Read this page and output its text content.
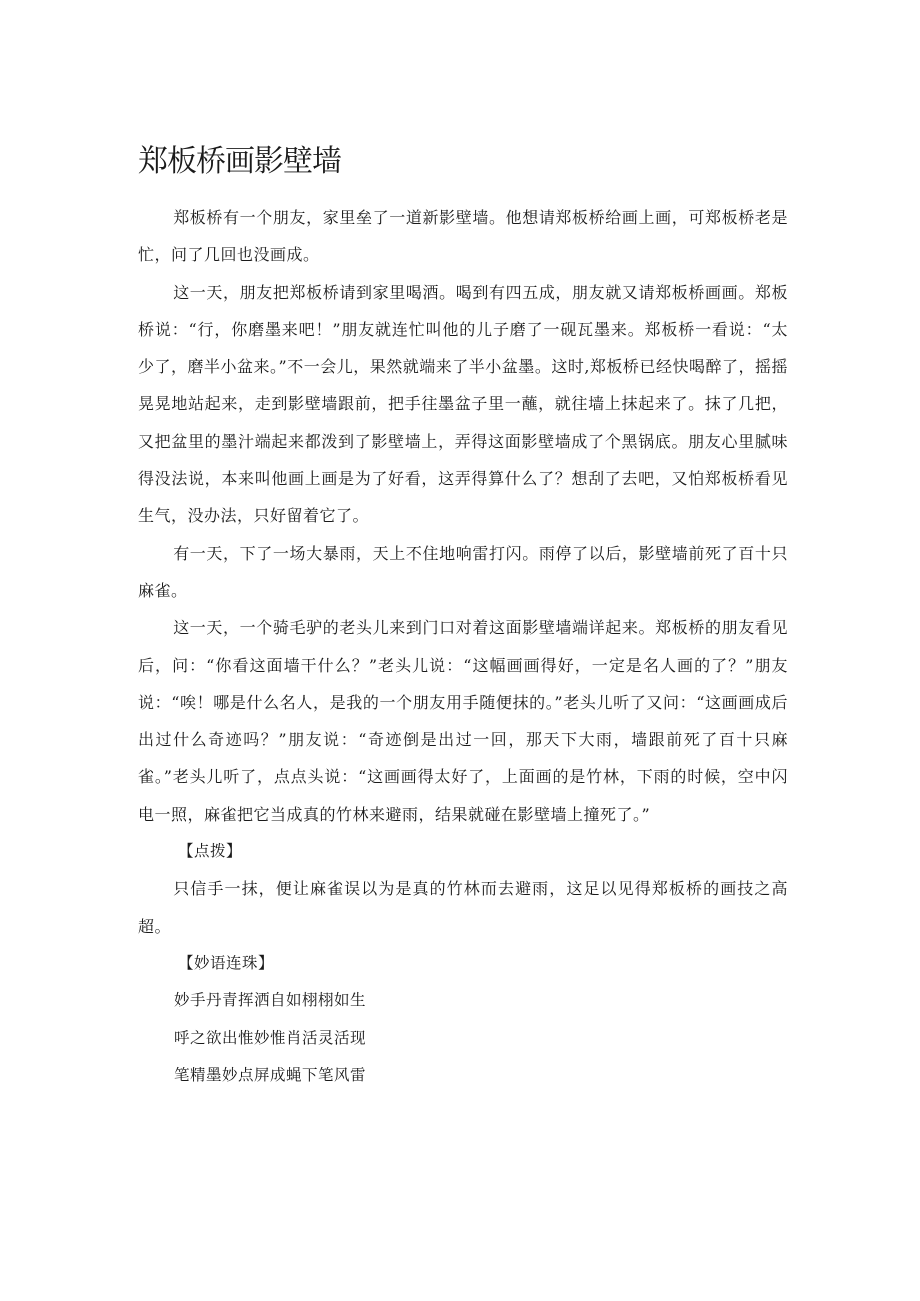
郑板桥画影壁墙

郑板桥有一个朋友，家里垒了一道新影壁墙。他想请郑板桥给画上画，可郑板桥老是忙，问了几回也没画成。

这一天，朋友把郑板桥请到家里喝酒。喝到有四五成，朋友就又请郑板桥画画。郑板桥说：“行，你磨墨来吧！”朋友就连忙叫他的儿子磨了一砚瓦墨来。郑板桥一看说：“太少了，磨半小盆来。”不一会儿，果然就端来了半小盆墨。这时,郑板桥已经快喝醉了，摇摇晃晃地站起来，走到影壁墙跟前，把手往墨盆子里一蘸，就往墙上抹起来了。抹了几把，又把盆里的墨汁端起来都泼到了影壁墙上，弄得这面影壁墙成了个黑锅底。朋友心里腻味得没法说，本来叫他画上画是为了好看，这弄得算什么了？想刮了去吧，又怕郑板桥看见生气，没办法，只好留着它了。

有一天，下了一场大暴雨，天上不住地响雷打闪。雨停了以后，影壁墙前死了百十只麻雀。

这一天，一个骑毛驴的老头儿来到门口对着这面影壁墙端详起来。郑板桥的朋友看见后，问：“你看这面墙干什么？”老头儿说：“这幅画画得好，一定是名人画的了？”朋友说：“唉！哪是什么名人，是我的一个朋友用手随便抹的。”老头儿听了又问：“这画画成后出过什么奇迹吗？”朋友说：“奇迹倒是出过一回，那天下大雨，墙跟前死了百十只麻雀。”老头儿听了，点点头说：“这画画得太好了，上面画的是竹林，下雨的时候，空中闪电一照，麻雀把它当成真的竹林来避雨，结果就碰在影壁墙上撞死了。”

【点拨】

只信手一抹，便让麻雀误以为是真的竹林而去避雨，这足以见得郑板桥的画技之高超。

【妙语连珠】
妙手丹青挥洒自如栩栩如生
呼之欲出惟妙惟肖活灵活现
笔精墨妙点屏成蝇下笔风雷
